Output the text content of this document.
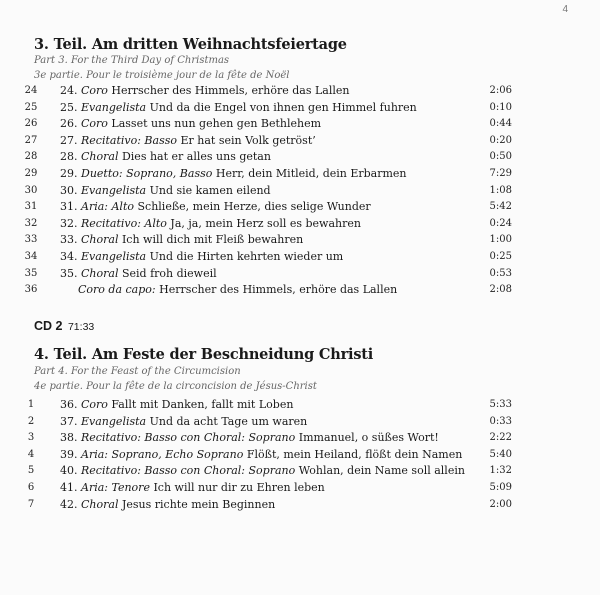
4
3. Teil. Am dritten Weihnachtsfeiertage
Part 3. For the Third Day of Christmas
3e partie. Pour le troisième jour de la fête de Noël
24	24. Coro Herrscher des Himmels, erhöre das Lallen	2:06
25	25. Evangelista Und da die Engel von ihnen gen Himmel fuhren	0:10
26	26. Coro Lasset uns nun gehen gen Bethlehem	0:44
27	27. Recitativo: Basso Er hat sein Volk getröst’	0:20
28	28. Choral Dies hat er alles uns getan	0:50
29	29. Duetto: Soprano, Basso Herr, dein Mitleid, dein Erbarmen	7:29
30	30. Evangelista Und sie kamen eilend	1:08
31	31. Aria: Alto Schließe, mein Herze, dies selige Wunder	5:42
32	32. Recitativo: Alto Ja, ja, mein Herz soll es bewahren	0:24
33	33. Choral Ich will dich mit Fleiß bewahren	1:00
34	34. Evangelista Und die Hirten kehrten wieder um	0:25
35	35. Choral Seid froh dieweil	0:53
36	Coro da capo: Herrscher des Himmels, erhöre das Lallen	2:08
CD 2 71:33
4. Teil. Am Feste der Beschneidung Christi
Part 4. For the Feast of the Circumcision
4e partie. Pour la fête de la circoncision de Jésus-Christ
1	36. Coro Fallt mit Danken, fallt mit Loben	5:33
2	37. Evangelista Und da acht Tage um waren	0:33
3	38. Recitativo: Basso con Choral: Soprano Immanuel, o süßes Wort!	2:22
4	39. Aria: Soprano, Echo Soprano Flößt, mein Heiland, flößt dein Namen	5:40
5	40. Recitativo: Basso con Choral: Soprano Wohlan, dein Name soll allein 1:32
6	41. Aria: Tenore Ich will nur dir zu Ehren leben	5:09
7	42. Choral Jesus richte mein Beginnen	2:00
